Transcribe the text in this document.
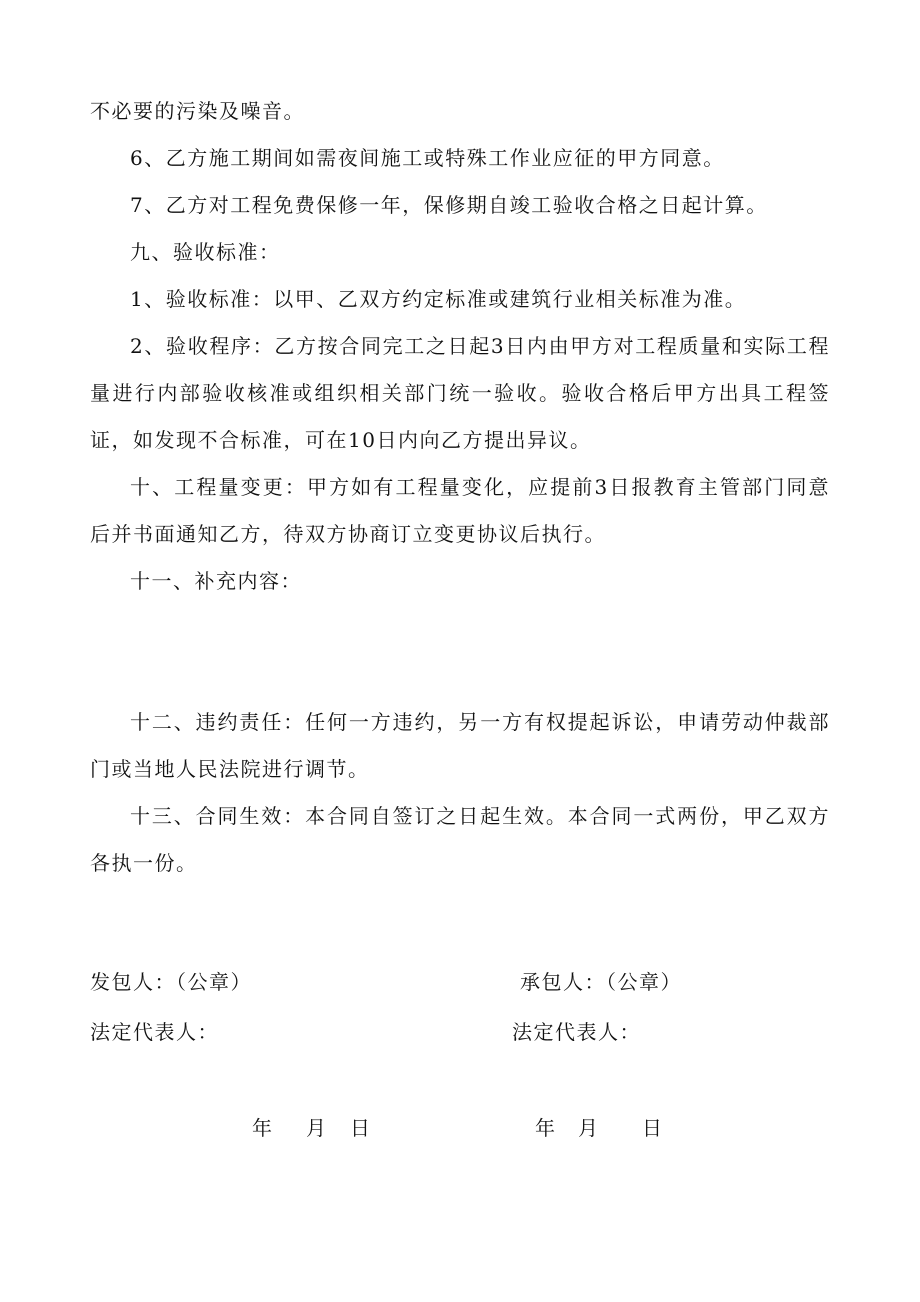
不必要的污染及噪音。

6、乙方施工期间如需夜间施工或特殊工作业应征的甲方同意。

7、乙方对工程免费保修一年，保修期自竣工验收合格之日起计算。

九、验收标准：

1、验收标准：以甲、乙双方约定标准或建筑行业相关标准为准。

2、验收程序：乙方按合同完工之日起3日内由甲方对工程质量和实际工程量进行内部验收核准或组织相关部门统一验收。验收合格后甲方出具工程签证，如发现不合标准，可在10日内向乙方提出异议。

十、工程量变更：甲方如有工程量变化，应提前3日报教育主管部门同意后并书面通知乙方，待双方协商订立变更协议后执行。

十一、补充内容：

十二、违约责任：任何一方违约，另一方有权提起诉讼，申请劳动仲裁部门或当地人民法院进行调节。

十三、合同生效：本合同自签订之日起生效。本合同一式两份，甲乙双方各执一份。

发包人：（公章）
法定代表人：
承包人：（公章）
法定代表人：
年 月 日	年 月 日
